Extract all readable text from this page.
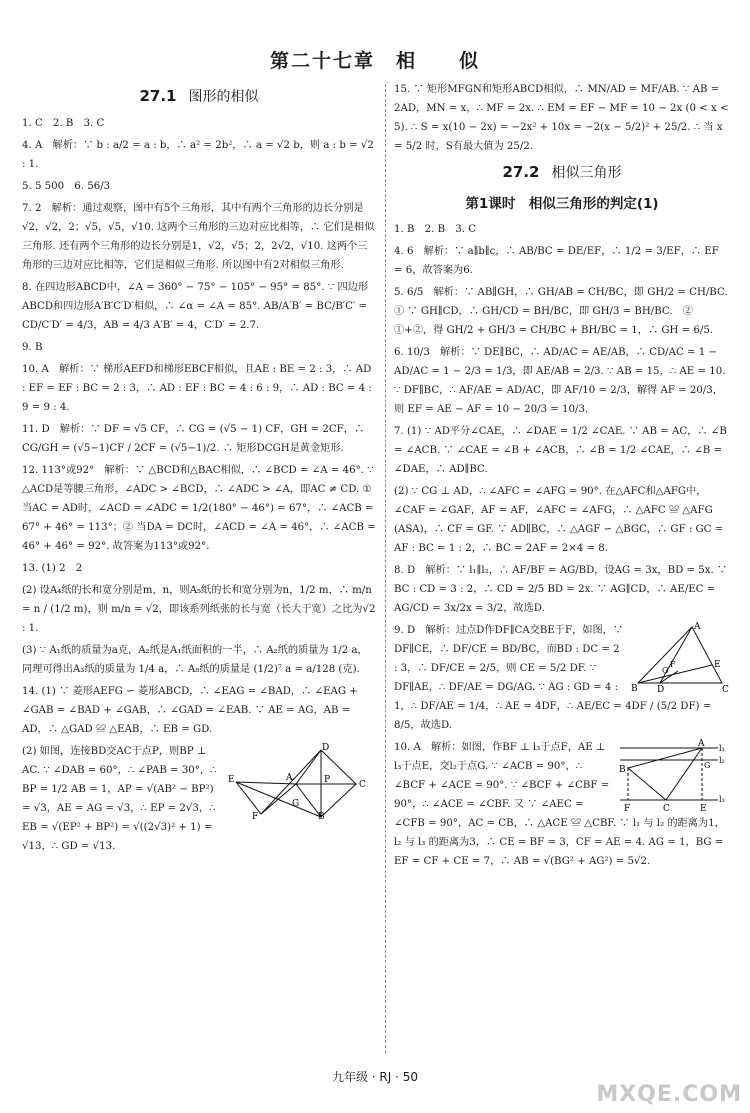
第二十七章　相　　似
27.1 图形的相似

1. C　2. B　3. C

4. A　解析：∵ b : a/2 = a : b，∴ a² = 2b²，∴ a = √2 b，则 a : b = √2 : 1.

5. 5 500　6. 56/3

7. 2　解析：通过观察，图中有5个三角形，其中有两个三角形的边长分别是√2，√2，2；√5，√5，√10. 这两个三角形的三边对应比相等，∴ 它们是相似三角形. 还有两个三角形的边长分别是1，√2，√5；2，2√2，√10. 这两个三角形的三边对应比相等，它们是相似三角形. 所以图中有2对相似三角形.

8. 在四边形ABCD中，∠A = 360° − 75° − 105° − 95° = 85°. ∵ 四边形ABCD和四边形A′B′C′D′相似，∴ ∠α = ∠A = 85°. AB/A′B′ = BC/B′C′ = CD/C′D′ = 4/3，AB = 4/3 A′B′ = 4，C′D′ = 2.7.

9. B

10. A　解析：∵ 梯形AEFD和梯形EBCF相似，且AE : BE = 2 : 3，∴ AD : EF = EF : BC = 2 : 3，∴ AD : EF : BC = 4 : 6 : 9，∴ AD : BC = 4 : 9 = 9 : 4.

11. D　解析：∵ DF = √5 CF，∴ CG = (√5 − 1) CF，GH = 2CF，∴ CG/GH = (√5−1)CF / 2CF = (√5−1)/2. ∴ 矩形DCGH是黄金矩形.

12. 113°或92°　解析：∵ △BCD和△BAC相似，∴ ∠BCD = ∠A = 46°. ∵ △ACD是等腰三角形，∠ADC > ∠BCD，∴ ∠ADC > ∠A，即AC ≠ CD. ① 当AC = AD时，∠ACD = ∠ADC = 1/2(180° − 46°) = 67°，∴ ∠ACB = 67° + 46° = 113°；② 当DA = DC时，∠ACD = ∠A = 46°，∴ ∠ACB = 46° + 46° = 92°. 故答案为113°或92°.

13. (1) 2　2

(2) 设A₄纸的长和宽分别是m，n，则A₅纸的长和宽分别为n，1/2 m，∴ m/n = n / (1/2 m)，则 m/n = √2，即该系列纸张的长与宽（长大于宽）之比为√2 : 1.

(3) ∵ A₁纸的质量为a克，A₂纸是A₁纸面积的一半，∴ A₂纸的质量为 1/2 a，同理可得出A₃纸的质量为 1/4 a，∴ A₈纸的质量是 (1/2)⁷ a = a/128 (克).

14. (1) ∵ 菱形AEFG ∽ 菱形ABCD，∴ ∠EAG = ∠BAD，∴ ∠EAG + ∠GAB = ∠BAD + ∠GAB，∴ ∠GAD = ∠EAB. ∵ AE = AG，AB = AD，∴ △GAD ≌ △EAB，∴ EB = GD.

D
E	A	P	C
B
F
G

(2) 如图，连接BD交AC于点P，则BP ⊥ AC. ∵ ∠DAB = 60°，∴ ∠PAB = 30°，∴ BP = 1/2 AB = 1，AP = √(AB² − BP²) = √3，AE = AG = √3，∴ EP = 2√3，∴ EB = √(EP² + BP²) = √((2√3)² + 1) = √13，∴ GD = √13.

15. ∵ 矩形MFGN和矩形ABCD相似，∴ MN/AD = MF/AB. ∵ AB = 2AD，MN = x，∴ MF = 2x. ∴ EM = EF − MF = 10 − 2x (0 < x < 5). ∴ S = x(10 − 2x) = −2x² + 10x = −2(x − 5/2)² + 25/2. ∴ 当 x = 5/2 时，S有最大值为 25/2.

27.2 相似三角形
第1课时　相似三角形的判定(1)

1. B　2. B　3. C

4. 6　解析：∵ a∥b∥c，∴ AB/BC = DE/EF，∴ 1/2 = 3/EF，∴ EF = 6，故答案为6.

5. 6/5　解析：∵ AB∥GH，∴ GH/AB = CH/BC，即 GH/2 = CH/BC.　① ∵ GH∥CD，∴ GH/CD = BH/BC，即 GH/3 = BH/BC.　② ①+②，得 GH/2 + GH/3 = CH/BC + BH/BC = 1，∴ GH = 6/5.

6. 10/3　解析：∵ DE∥BC，∴ AD/AC = AE/AB，∴ CD/AC = 1 − AD/AC = 1 − 2/3 = 1/3，即 AE/AB = 2/3. ∵ AB = 15，∴ AE = 10. ∵ DF∥BC，∴ AF/AE = AD/AC，即 AF/10 = 2/3，解得 AF = 20/3，则 EF = AE − AF = 10 − 20/3 = 10/3.

7. (1) ∵ AD平分∠CAE，∴ ∠DAE = 1/2 ∠CAE. ∵ AB = AC，∴ ∠B = ∠ACB. ∵ ∠CAE = ∠B + ∠ACB，∴ ∠B = 1/2 ∠CAE，∴ ∠B = ∠DAE，∴ AD∥BC.

(2) ∵ CG ⊥ AD，∴ ∠AFC = ∠AFG = 90°. 在△AFC和△AFG中，∠CAF = ∠GAF，AF = AF，∠AFC = ∠AFG，∴ △AFC ≌ △AFG (ASA)，∴ CF = GF. ∵ AD∥BC，∴ △AGF ∽ △BGC，∴ GF : GC = AF : BC = 1 : 2，∴ BC = 2AF = 2×4 = 8.

8. D　解析：∵ l₁∥l₂，∴ AF/BF = AG/BD，设AG = 3x，BD = 5x. ∵ BC : CD = 3 : 2，∴ CD = 2/5 BD = 2x. ∵ AG∥CD，∴ AE/EC = AG/CD = 3x/2x = 3/2，故选D.

A
E
F
G
B D	C

9. D　解析：过点D作DF∥CA交BE于F，如图，∵ DF∥CE，∴ DF/CE = BD/BC，而BD : DC = 2 : 3，∴ DF/CE = 2/5，则 CE = 5/2 DF. ∵ DF∥AE，∴ DF/AE = DG/AG. ∵ AG : GD = 4 : 1，∴ DF/AE = 1/4，∴ AE = 4DF，∴ AE/EC = 4DF / (5/2 DF) = 8/5，故选D.

A l₁
G
l₂
B
l₃
F	C	E

10. A　解析：如图，作BF ⊥ l₃于点F，AE ⊥ l₃于点E，交l₂于点G. ∵ ∠ACB = 90°，∴ ∠BCF + ∠ACE = 90°. ∵ ∠BCF + ∠CBF = 90°，∴ ∠ACE = ∠CBF. 又 ∵ ∠AEC = ∠CFB = 90°，AC = CB，∴ △ACE ≌ △CBF. ∵ l₁ 与 l₂ 的距离为1，l₂ 与 l₃ 的距离为3，∴ CE = BF = 3，CF = AE = 4. AG = 1，BG = EF = CF + CE = 7，∴ AB = √(BG² + AG²) = 5√2.

九年级 · RJ · 50
MXQE.COM
